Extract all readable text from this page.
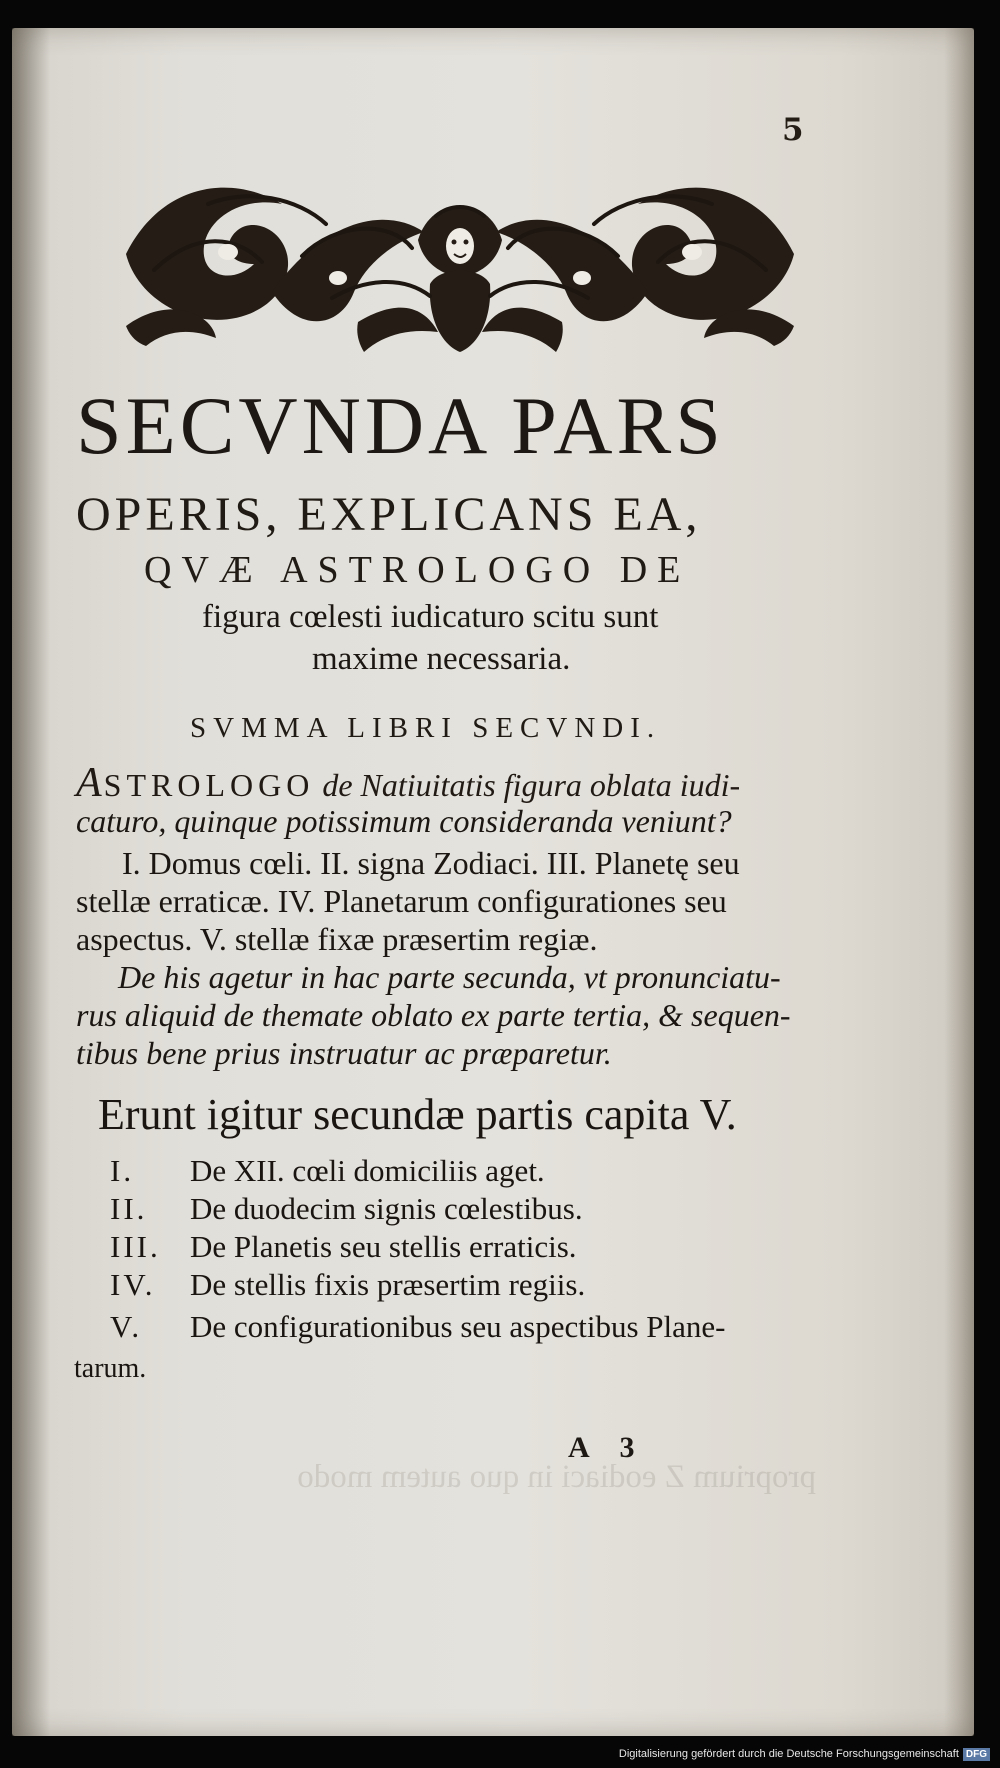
5
SECVNDA PARS
OPERIS, EXPLICANS EA,
QVÆ ASTROLOGO DE
figura cœlesti iudicaturo scitu sunt
maxime necessaria.
SVMMA LIBRI SECVNDI.
ASTROLOGO de Natiuitatis figura oblata iudi-
caturo, quinque potissimum consideranda veniunt?
I. Domus cœli. II. signa Zodiaci. III. Planetę seu
stellæ erraticæ. IV. Planetarum configurationes seu
aspectus. V. stellæ fixæ præsertim regiæ.
De his agetur in hac parte secunda, vt pronunciatu-
rus aliquid de themate oblato ex parte tertia, & sequen-
tibus bene prius instruatur ac præparetur.
Erunt igitur secundæ partis capita V.
I. De XII. cœli domiciliis aget.
II. De duodecim signis cœlestibus.
III. De Planetis seu stellis erraticis.
IV. De stellis fixis præsertim regiis.
V. De configurationibus seu aspectibus Plane-
tarum.
A 3
proprium Z eodiaci in quo autem modo
Digitalisierung gefördert durch die Deutsche Forschungsgemeinschaft DFG
